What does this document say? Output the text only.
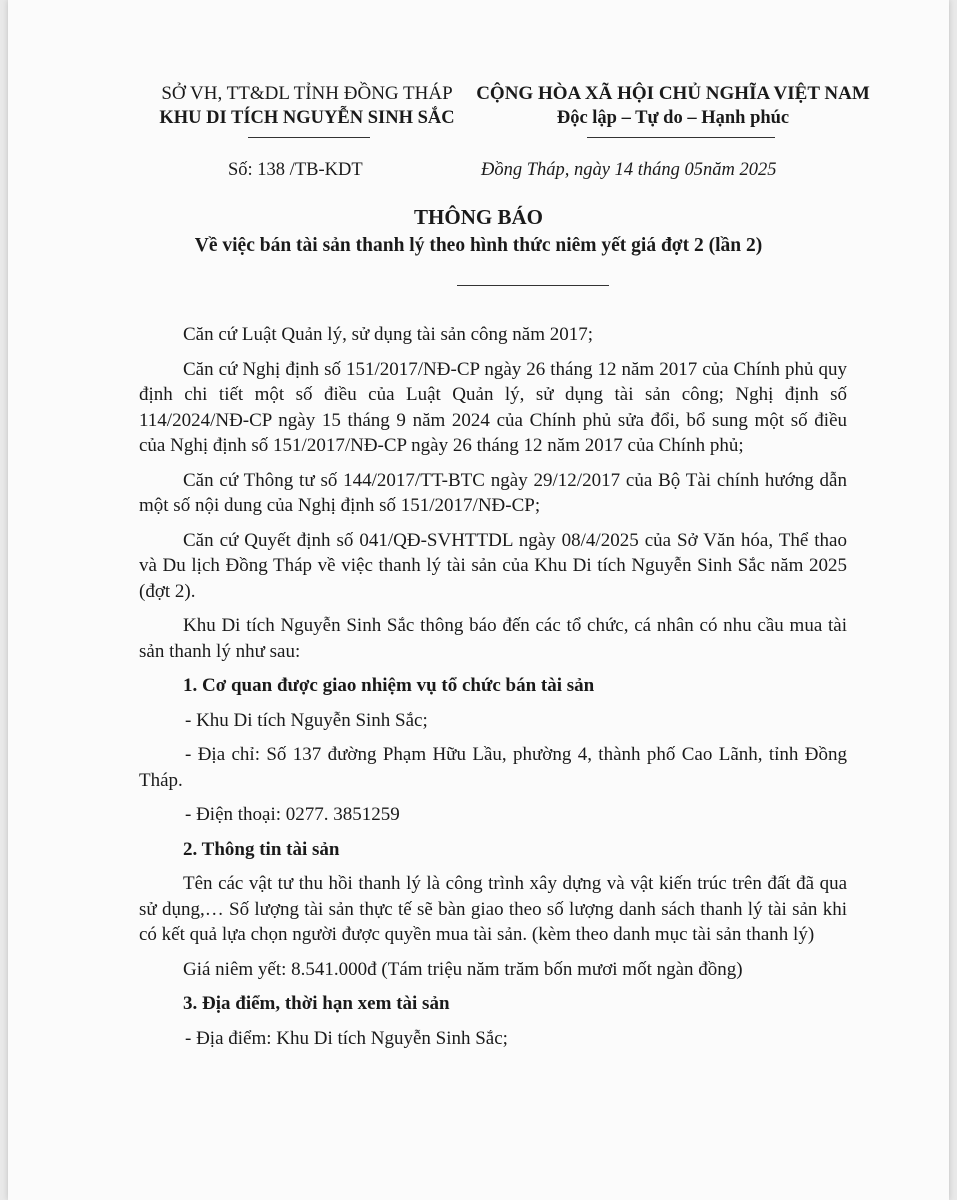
SỞ VH, TT&DL TỈNH ĐỒNG THÁP
KHU DI TÍCH NGUYỄN SINH SẮC
CỘNG HÒA XÃ HỘI CHỦ NGHĨA VIỆT NAM
Độc lập – Tự do – Hạnh phúc
Số: 138 /TB-KDT	Đồng Tháp, ngày 14 tháng 05năm 2025
THÔNG BÁO
Về việc bán tài sản thanh lý theo hình thức niêm yết giá đợt 2 (lần 2)

Căn cứ Luật Quản lý, sử dụng tài sản công năm 2017;

Căn cứ Nghị định số 151/2017/NĐ-CP ngày 26 tháng 12 năm 2017 của Chính phủ quy định chi tiết một số điều của Luật Quản lý, sử dụng tài sản công; Nghị định số 114/2024/NĐ-CP ngày 15 tháng 9 năm 2024 của Chính phủ sửa đổi, bổ sung một số điều của Nghị định số 151/2017/NĐ-CP ngày 26 tháng 12 năm 2017 của Chính phủ;

Căn cứ Thông tư số 144/2017/TT-BTC ngày 29/12/2017 của Bộ Tài chính hướng dẫn một số nội dung của Nghị định số 151/2017/NĐ-CP;

Căn cứ Quyết định số 041/QĐ-SVHTTDL ngày 08/4/2025 của Sở Văn hóa, Thể thao và Du lịch Đồng Tháp về việc thanh lý tài sản của Khu Di tích Nguyễn Sinh Sắc năm 2025 (đợt 2).

Khu Di tích Nguyễn Sinh Sắc thông báo đến các tổ chức, cá nhân có nhu cầu mua tài sản thanh lý như sau:

1. Cơ quan được giao nhiệm vụ tổ chức bán tài sản

- Khu Di tích Nguyễn Sinh Sắc;

- Địa chỉ: Số 137 đường Phạm Hữu Lầu, phường 4, thành phố Cao Lãnh, tỉnh Đồng Tháp.

- Điện thoại: 0277. 3851259

2. Thông tin tài sản

Tên các vật tư thu hồi thanh lý là công trình xây dựng và vật kiến trúc trên đất đã qua sử dụng,… Số lượng tài sản thực tế sẽ bàn giao theo số lượng danh sách thanh lý tài sản khi có kết quả lựa chọn người được quyền mua tài sản. (kèm theo danh mục tài sản thanh lý)

Giá niêm yết: 8.541.000đ (Tám triệu năm trăm bốn mươi mốt ngàn đồng)

3. Địa điểm, thời hạn xem tài sản

- Địa điểm: Khu Di tích Nguyễn Sinh Sắc;
